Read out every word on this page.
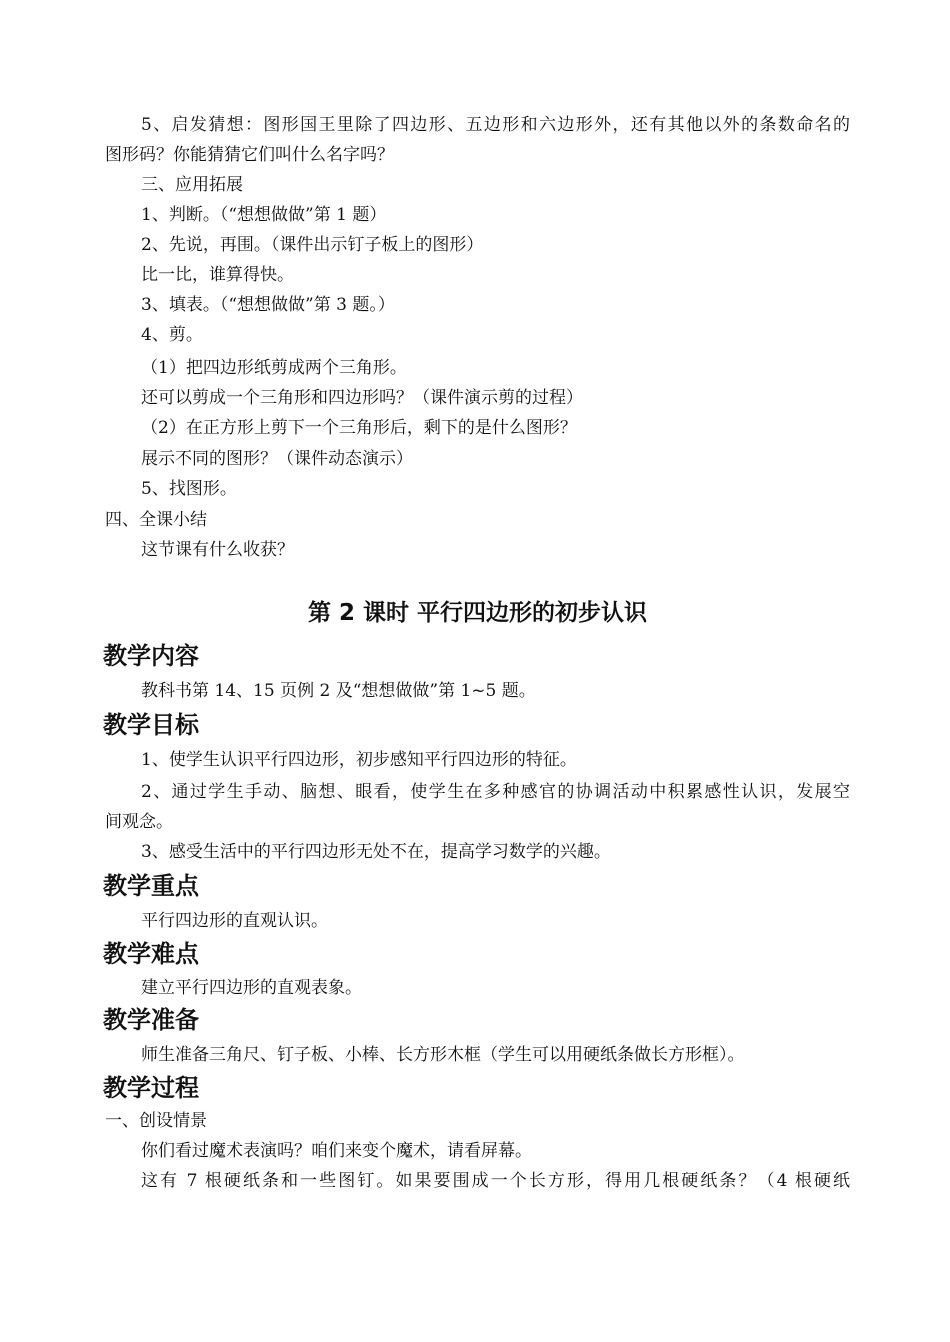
5、启发猜想：图形国王里除了四边形、五边形和六边形外，还有其他以外的条数命名的
图形码？你能猜猜它们叫什么名字吗？
三、应用拓展
1、判断。（“想想做做”第 1 题）
2、先说，再围。（课件出示钉子板上的图形）
比一比，谁算得快。
3、填表。（“想想做做”第 3 题。）
4、剪。
（1）把四边形纸剪成两个三角形。
还可以剪成一个三角形和四边形吗？（课件演示剪的过程）
（2）在正方形上剪下一个三角形后，剩下的是什么图形？
展示不同的图形？（课件动态演示）
5、找图形。
四、全课小结
这节课有什么收获？
第 2 课时 平行四边形的初步认识
教学内容
教科书第 14、15 页例 2 及“想想做做”第 1~5 题。
教学目标
1、使学生认识平行四边形，初步感知平行四边形的特征。
2、通过学生手动、脑想、眼看，使学生在多种感官的协调活动中积累感性认识，发展空
间观念。
3、感受生活中的平行四边形无处不在，提高学习数学的兴趣。
教学重点
平行四边形的直观认识。
教学难点
建立平行四边形的直观表象。
教学准备
师生准备三角尺、钉子板、小棒、长方形木框（学生可以用硬纸条做长方形框）。
教学过程
一、创设情景
你们看过魔术表演吗？咱们来变个魔术，请看屏幕。
这有 7 根硬纸条和一些图钉。如果要围成一个长方形，得用几根硬纸条？（4 根硬纸
